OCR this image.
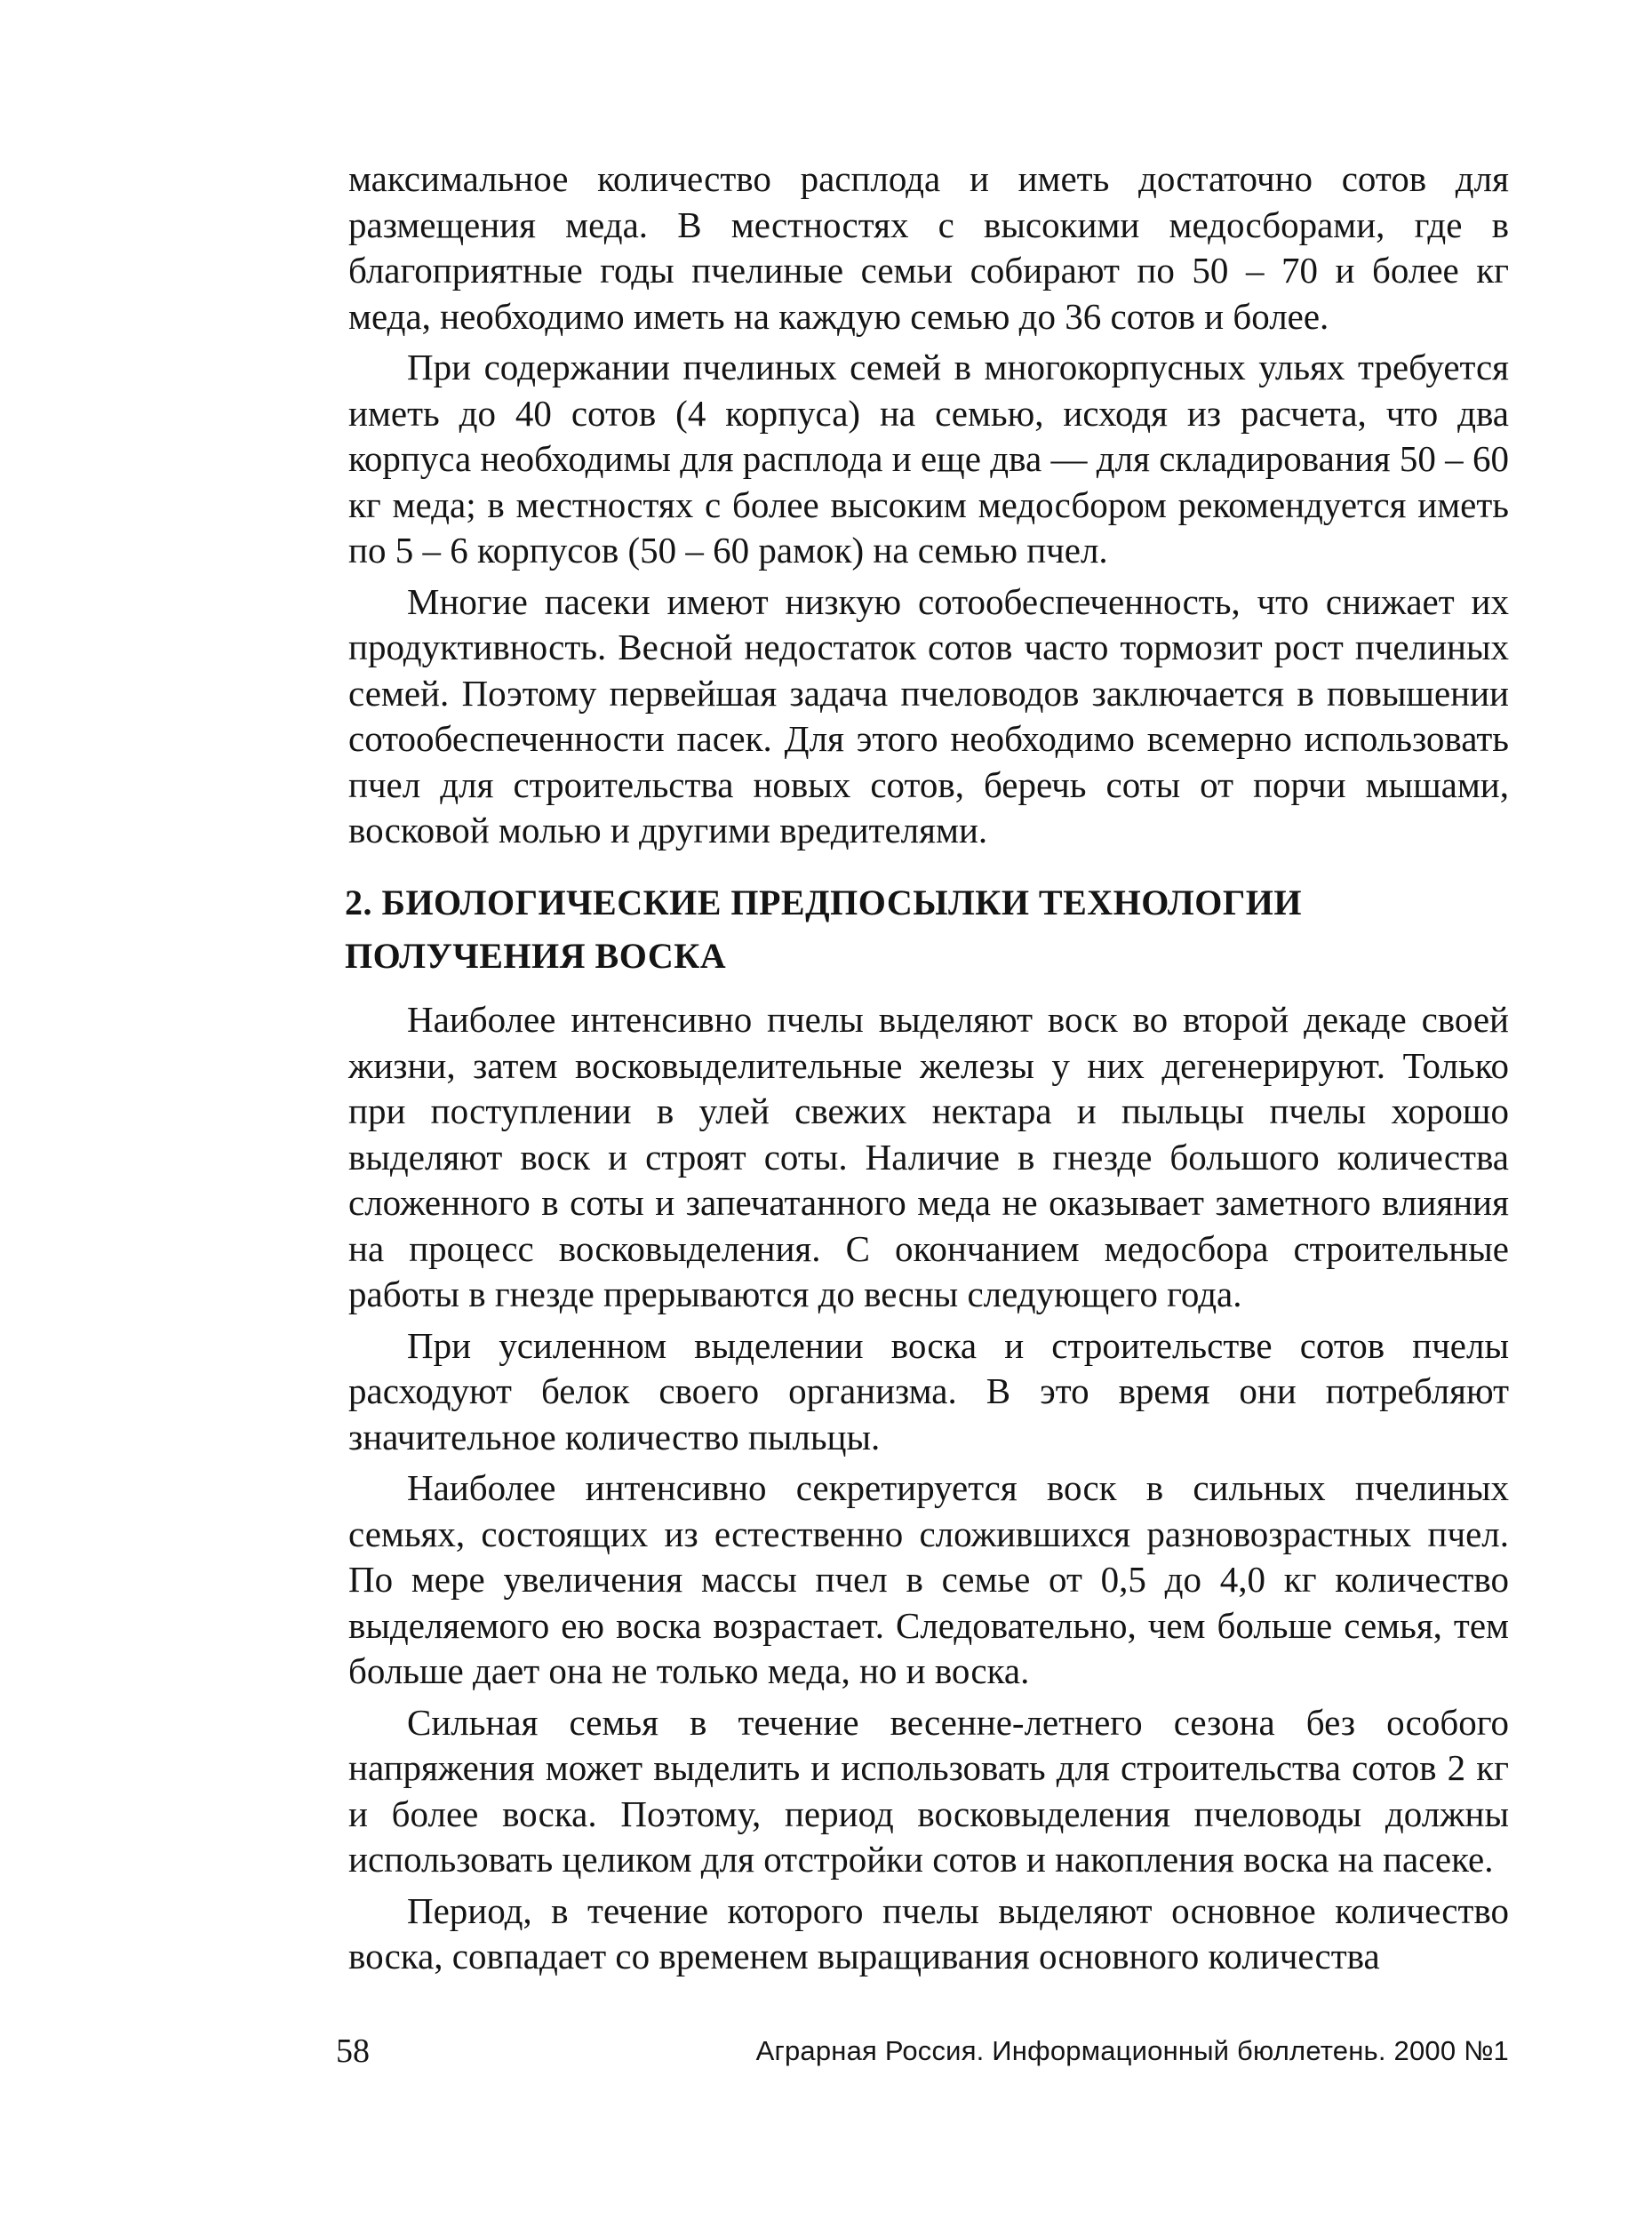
максимальное количество расплода и иметь достаточно сотов для размещения меда. В местностях с высокими медосборами, где в благоприятные годы пчелиные семьи собирают по 50 – 70 и более кг меда, необходимо иметь на каждую семью до 36 сотов и более.

При содержании пчелиных семей в многокорпусных ульях требуется иметь до 40 сотов (4 корпуса) на семью, исходя из расчета, что два корпуса необходимы для расплода и еще два — для складирования 50 – 60 кг меда; в местностях с более высоким медосбором рекомендуется иметь по 5 – 6 корпусов (50 – 60 рамок) на семью пчел.

Многие пасеки имеют низкую сотообеспеченность, что снижает их продуктивность. Весной недостаток сотов часто тормозит рост пчелиных семей. Поэтому первейшая задача пчеловодов заключается в повышении сотообеспеченности пасек. Для этого необходимо всемерно использовать пчел для строительства новых сотов, беречь соты от порчи мышами, восковой молью и другими вредителями.

2. БИОЛОГИЧЕСКИЕ ПРЕДПОСЫЛКИ ТЕХНОЛОГИИ
ПОЛУЧЕНИЯ ВОСКА

Наиболее интенсивно пчелы выделяют воск во второй декаде своей жизни, затем восковыделительные железы у них дегенерируют. Только при поступлении в улей свежих нектара и пыльцы пчелы хорошо выделяют воск и строят соты. Наличие в гнезде большого количества сложенного в соты и запечатанного меда не оказывает заметного влияния на процесс восковыделения. С окончанием медосбора строительные работы в гнезде прерываются до весны следующего года.

При усиленном выделении воска и строительстве сотов пчелы расходуют белок своего организма. В это время они потребляют значительное количество пыльцы.

Наиболее интенсивно секретируется воск в сильных пчелиных семьях, состоящих из естественно сложившихся разновозрастных пчел. По мере увеличения массы пчел в семье от 0,5 до 4,0 кг количество выделяемого ею воска возрастает. Следовательно, чем больше семья, тем больше дает она не только меда, но и воска.

Сильная семья в течение весенне-летнего сезона без особого напряжения может выделить и использовать для строительства сотов 2 кг и более воска. Поэтому, период восковыделения пчеловоды должны использовать целиком для отстройки сотов и накопления воска на пасеке.

Период, в течение которого пчелы выделяют основное количество воска, совпадает со временем выращивания основного количества

58	Аграрная Россия. Информационный бюллетень. 2000 №1
